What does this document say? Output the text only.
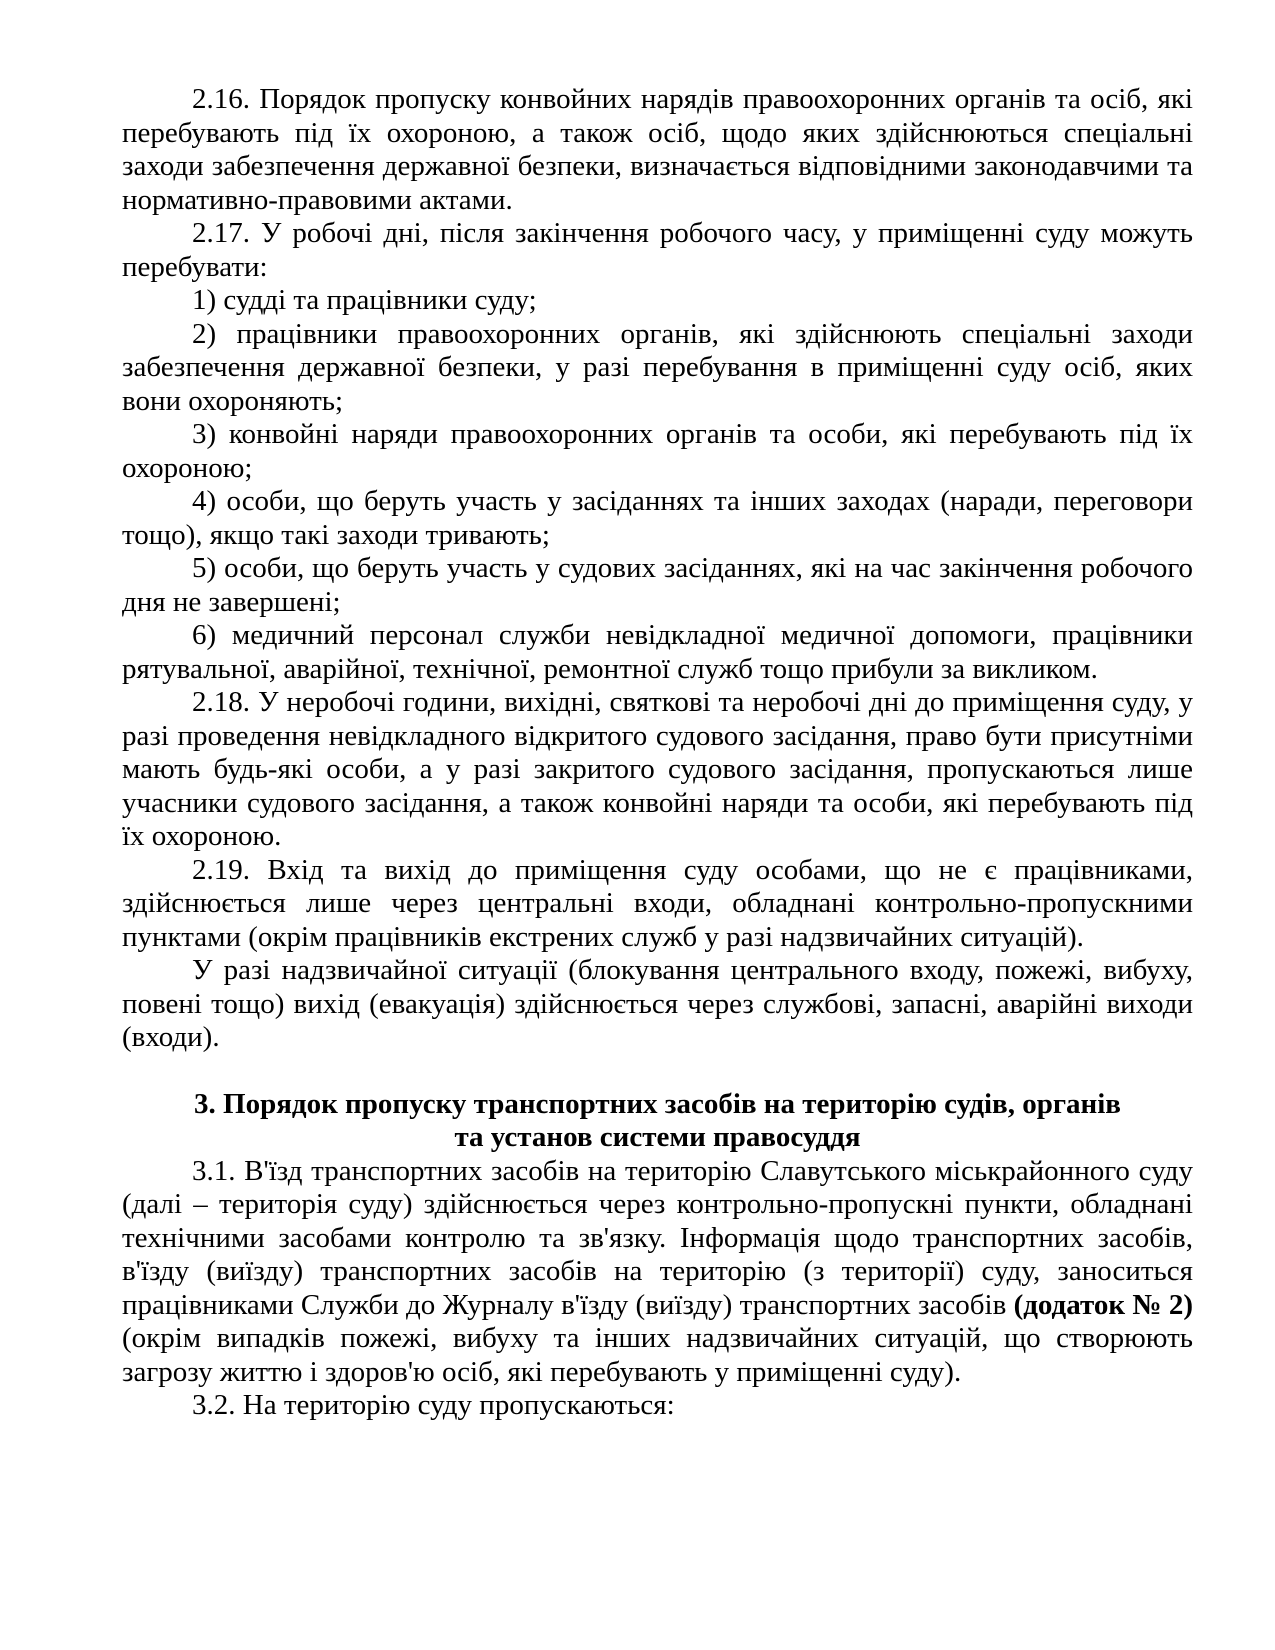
2.16. Порядок пропуску конвойних нарядів правоохоронних органів та осіб, які перебувають під їх охороною, а також осіб, щодо яких здійснюються спеціальні заходи забезпечення державної безпеки, визначається відповідними законодавчими та нормативно-правовими актами.

2.17. У робочі дні, після закінчення робочого часу, у приміщенні суду можуть перебувати:

1) судді та працівники суду;

2) працівники правоохоронних органів, які здійснюють спеціальні заходи забезпечення державної безпеки, у разі перебування в приміщенні суду осіб, яких вони охороняють;

3) конвойні наряди правоохоронних органів та особи, які перебувають під їх охороною;

4) особи, що беруть участь у засіданнях та інших заходах (наради, переговори тощо), якщо такі заходи тривають;

5) особи, що беруть участь у судових засіданнях, які на час закінчення робочого дня не завершені;

6) медичний персонал служби невідкладної медичної допомоги, працівники рятувальної, аварійної, технічної, ремонтної служб тощо прибули за викликом.

2.18. У неробочі години, вихідні, святкові та неробочі дні до приміщення суду, у разі проведення невідкладного відкритого судового засідання, право бути присутніми мають будь-які особи, а у разі закритого судового засідання, пропускаються лише учасники судового засідання, а також конвойні наряди та особи, які перебувають під їх охороною.

2.19. Вхід та вихід до приміщення суду особами, що не є працівниками, здійснюється лише через центральні входи, обладнані контрольно-пропускними пунктами (окрім працівників екстрених служб у разі надзвичайних ситуацій).

У разі надзвичайної ситуації (блокування центрального входу, пожежі, вибуху, повені тощо) вихід (евакуація) здійснюється через службові, запасні, аварійні виходи (входи).

3. Порядок пропуску транспортних засобів на територію судів, органів

та установ системи правосуддя

3.1. В'їзд транспортних засобів на територію Славутського міськрайонного суду (далі – територія суду) здійснюється через контрольно-пропускні пункти, обладнані технічними засобами контролю та зв'язку. Інформація щодо транспортних засобів, в'їзду (виїзду) транспортних засобів на територію (з території) суду, заноситься працівниками Служби до Журналу в'їзду (виїзду) транспортних засобів (додаток № 2) (окрім випадків пожежі, вибуху та інших надзвичайних ситуацій, що створюють загрозу життю і здоров'ю осіб, які перебувають у приміщенні суду).

3.2. На територію суду пропускаються:
